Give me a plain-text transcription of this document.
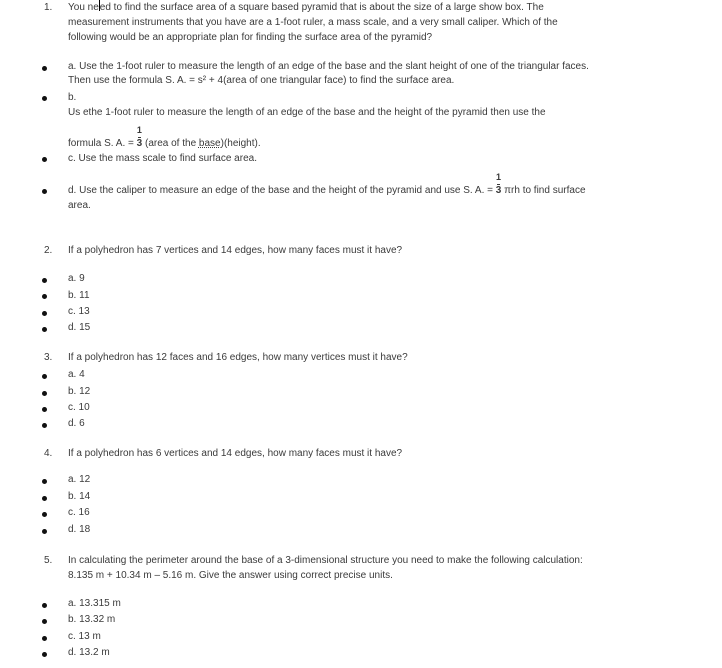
1. You need to find the surface area of a square based pyramid that is about the size of a large show box. The
measurement instruments that you have are a 1-foot ruler, a mass scale, and a very small caliper. Which of the
following would be an appropriate plan for finding the surface area of the pyramid?
a. Use the 1-foot ruler to measure the length of an edge of the base and the slant height of one of the triangular faces.
Then use the formula S. A. = s² + 4(area of one triangular face) to find the surface area.
b.
Us ethe 1-foot ruler to measure the length of an edge of the base and the height of the pyramid then use the
formula S. A. =
1
3 (area of the base)(height).
c. Use the mass scale to find surface area.
d. Use the caliper to measure an edge of the base and the height of the pyramid and use S. A. =
1
3 πrh to find surface
area.
2. If a polyhedron has 7 vertices and 14 edges, how many faces must it have?
a. 9
b. 11
c. 13
d. 15
3. If a polyhedron has 12 faces and 16 edges, how many vertices must it have?
a. 4
b. 12
c. 10
d. 6
4. If a polyhedron has 6 vertices and 14 edges, how many faces must it have?
a. 12
b. 14
c. 16
d. 18
5. In calculating the perimeter around the base of a 3-dimensional structure you need to make the following calculation:
8.135 m + 10.34 m – 5.16 m. Give the answer using correct precise units.
a. 13.315 m
b. 13.32 m
c. 13 m
d. 13.2 m
